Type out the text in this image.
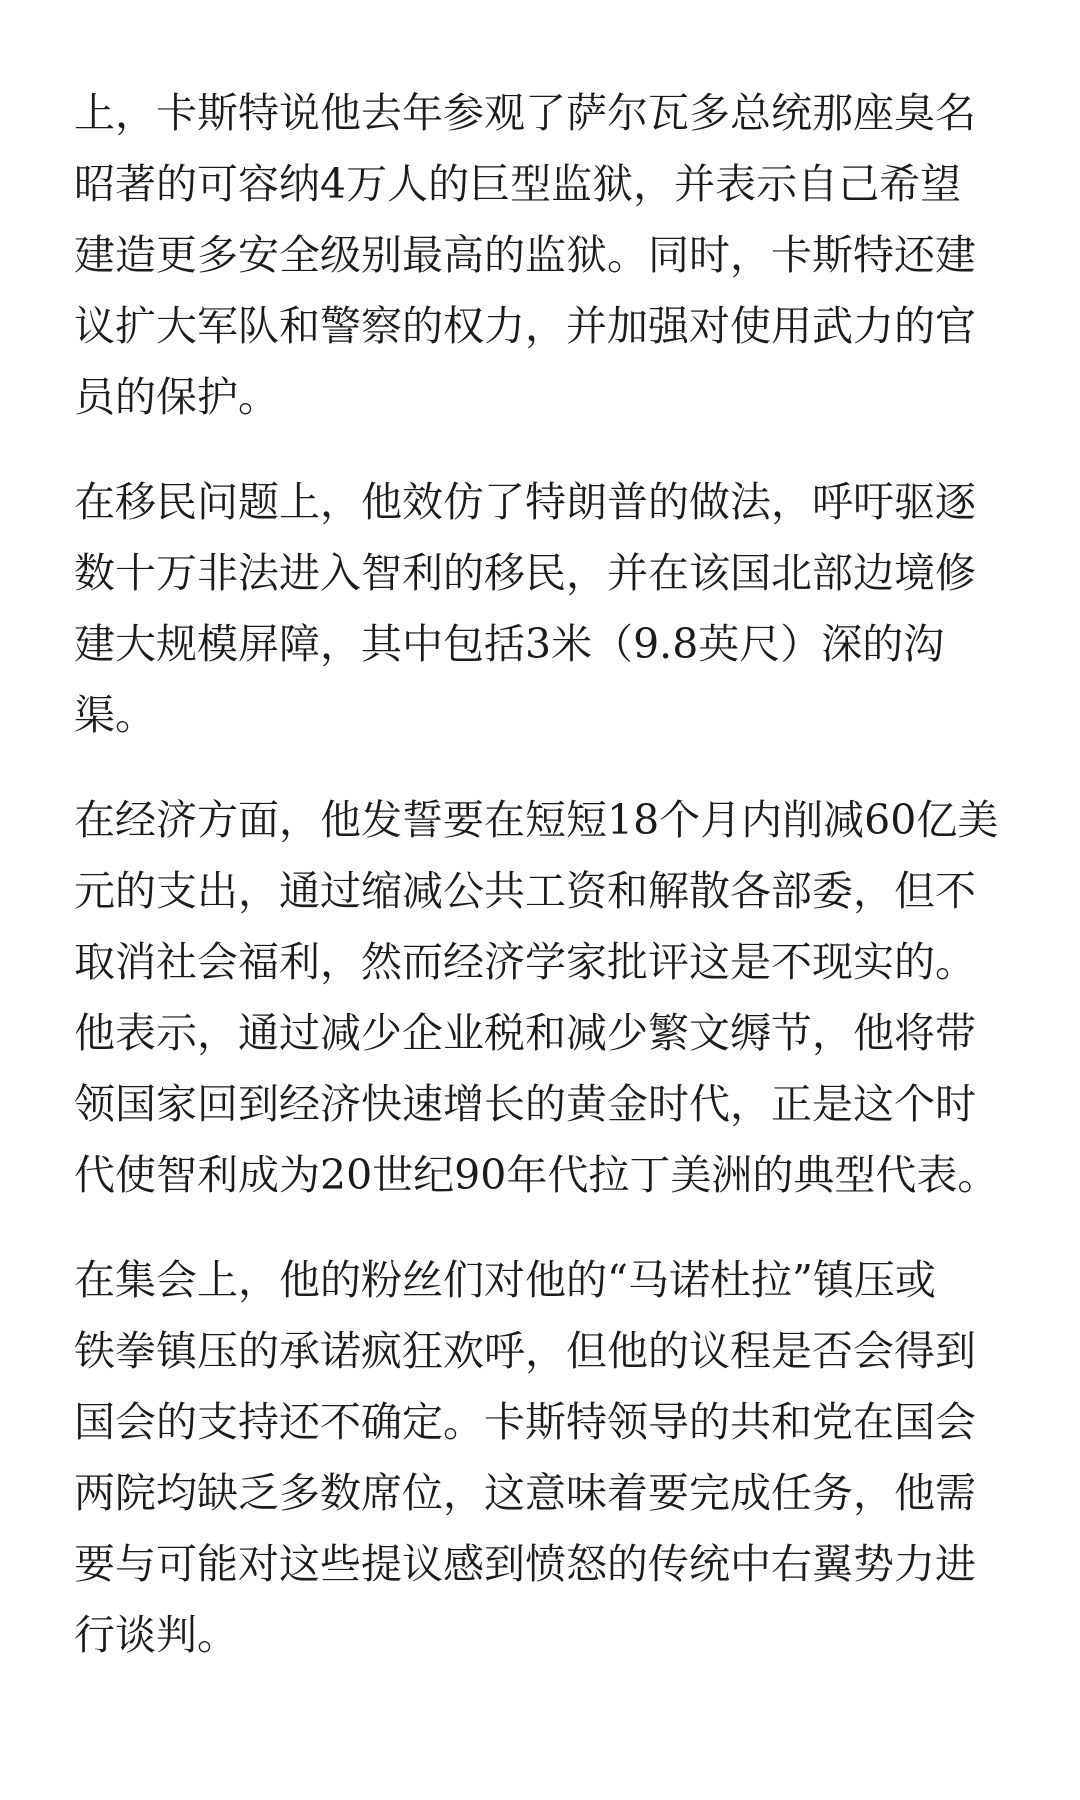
上，卡斯特说他去年参观了萨尔瓦多总统那座臭名
昭著的可容纳4万人的巨型监狱，并表示自己希望
建造更多安全级别最高的监狱。同时，卡斯特还建
议扩大军队和警察的权力，并加强对使用武力的官
员的保护。

在移民问题上，他效仿了特朗普的做法，呼吁驱逐
数十万非法进入智利的移民，并在该国北部边境修
建大规模屏障，其中包括3米（9.8英尺）深的沟
渠。

在经济方面，他发誓要在短短18个月内削减60亿美
元的支出，通过缩减公共工资和解散各部委，但不
取消社会福利，然而经济学家批评这是不现实的。
他表示，通过减少企业税和减少繁文缛节，他将带
领国家回到经济快速增长的黄金时代，正是这个时
代使智利成为20世纪90年代拉丁美洲的典型代表。

在集会上，他的粉丝们对他的“马诺杜拉”镇压或
铁拳镇压的承诺疯狂欢呼，但他的议程是否会得到
国会的支持还不确定。卡斯特领导的共和党在国会
两院均缺乏多数席位，这意味着要完成任务，他需
要与可能对这些提议感到愤怒的传统中右翼势力进
行谈判。
